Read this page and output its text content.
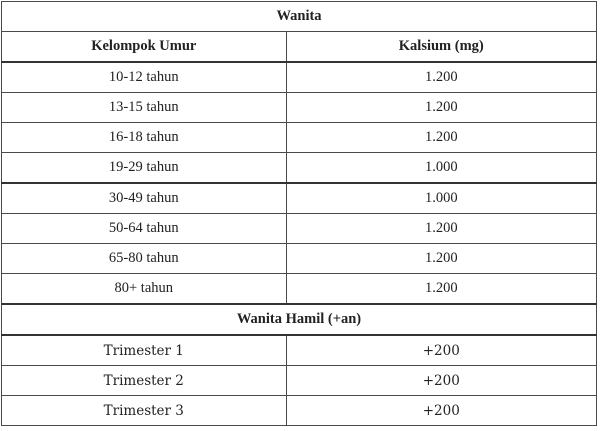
Wanita	
Kelompok Umur	Kalsium (mg)
10-12 tahun	1.200
13-15 tahun	1.200
16-18 tahun	1.200
19-29 tahun	1.000
30-49 tahun	1.000
50-64 tahun	1.200
65-80 tahun	1.200
80+ tahun	1.200
Wanita Hamil (+an)	
Trimester 1	+200
Trimester 2	+200
Trimester 3	+200
